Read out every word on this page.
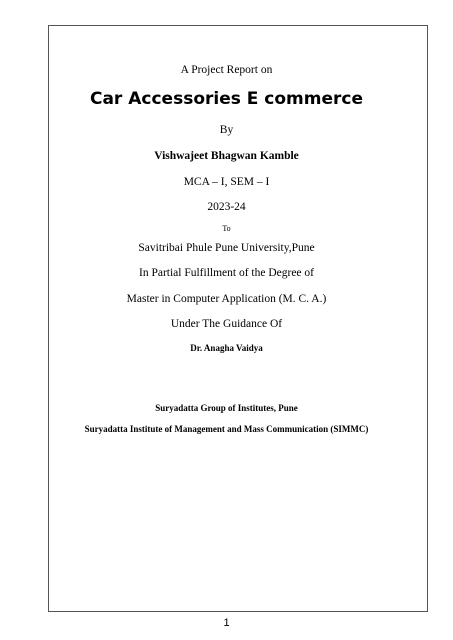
A Project Report on
Car Accessories E commerce
By
Vishwajeet Bhagwan Kamble
MCA – I, SEM – I
2023-24
To
Savitribai Phule Pune University,Pune
In Partial Fulfillment of the Degree of
Master in Computer Application (M. C. A.)
Under The Guidance Of
Dr. Anagha Vaidya
Suryadatta Group of Institutes, Pune
Suryadatta Institute of Management and Mass Communication (SIMMC)
1
